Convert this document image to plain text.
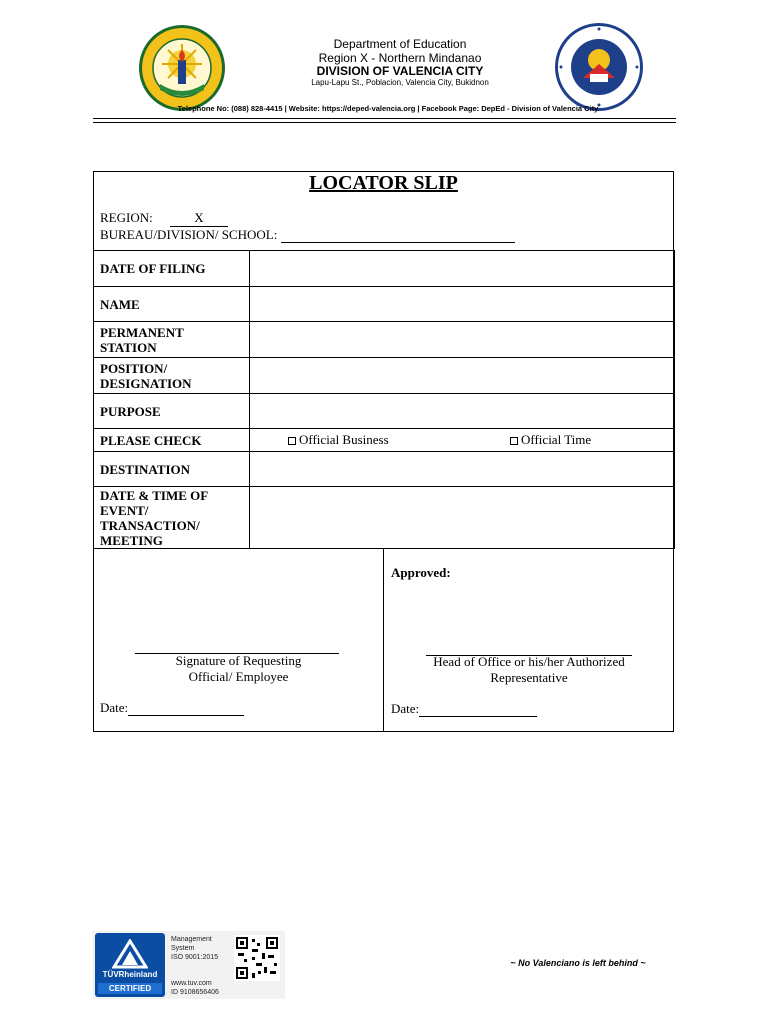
Department of Education
Region X - Northern Mindanao
DIVISION OF VALENCIA CITY
Lapu-Lapu St., Poblacion, Valencia City, Bukidnon
Telephone No: (088) 828-4415 | Website: https://deped-valencia.org | Facebook Page: DepEd - Division of Valencia City
LOCATOR SLIP
REGION:	X
BUREAU/DIVISION/ SCHOOL:
DATE OF FILING	
NAME	
PERMANENT STATION	
POSITION/ DESIGNATION	
PURPOSE	
PLEASE CHECK	Official Business Official Time

DESTINATION	
DATE & TIME OF EVENT/ TRANSACTION/ MEETING	
Signature of Requesting
Official/ Employee
Date:
Approved:
Head of Office or his/her Authorized
Representative
Date:
TÜVRheinland
CERTIFIED
Management
System
ISO 9001:2015
www.tuv.com
ID 9108656406
~ No Valenciano is left behind ~
